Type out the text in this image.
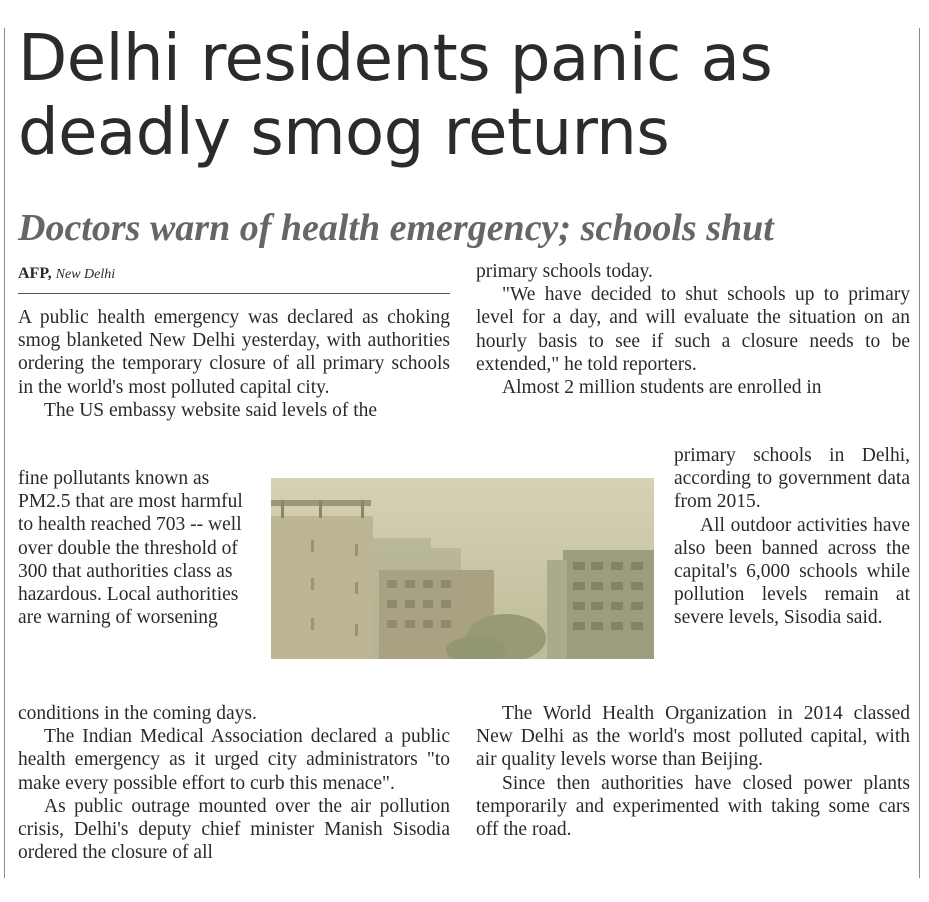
Delhi residents panic as
deadly smog returns
Doctors warn of health emergency; schools shut
AFP, New Delhi

A public health emergency was declared as choking smog blanketed New Delhi yesterday, with authorities ordering the temporary closure of all primary schools in the world's most polluted capital city.

The US embassy website said levels of the

fine pollutants known as PM2.5 that are most harmful to health reached 703 -- well over double the threshold of 300 that authorities class as hazardous. Local authorities are warning of worsening

conditions in the coming days.

The Indian Medical Association declared a public health emergency as it urged city administrators "to make every possible effort to curb this menace".

As public outrage mounted over the air pollution crisis, Delhi's deputy chief minister Manish Sisodia ordered the closure of all

primary schools today.

"We have decided to shut schools up to primary level for a day, and will evaluate the situation on an hourly basis to see if such a closure needs to be extended," he told reporters.

Almost 2 million students are enrolled in

primary schools in Delhi, according to government data from 2015.

All outdoor activities have also been banned across the capital's 6,000 schools while pollution levels remain at severe levels, Sisodia said.

The World Health Organization in 2014 classed New Delhi as the world's most polluted capital, with air quality levels worse than Beijing.

Since then authorities have closed power plants temporarily and experimented with taking some cars off the road.
